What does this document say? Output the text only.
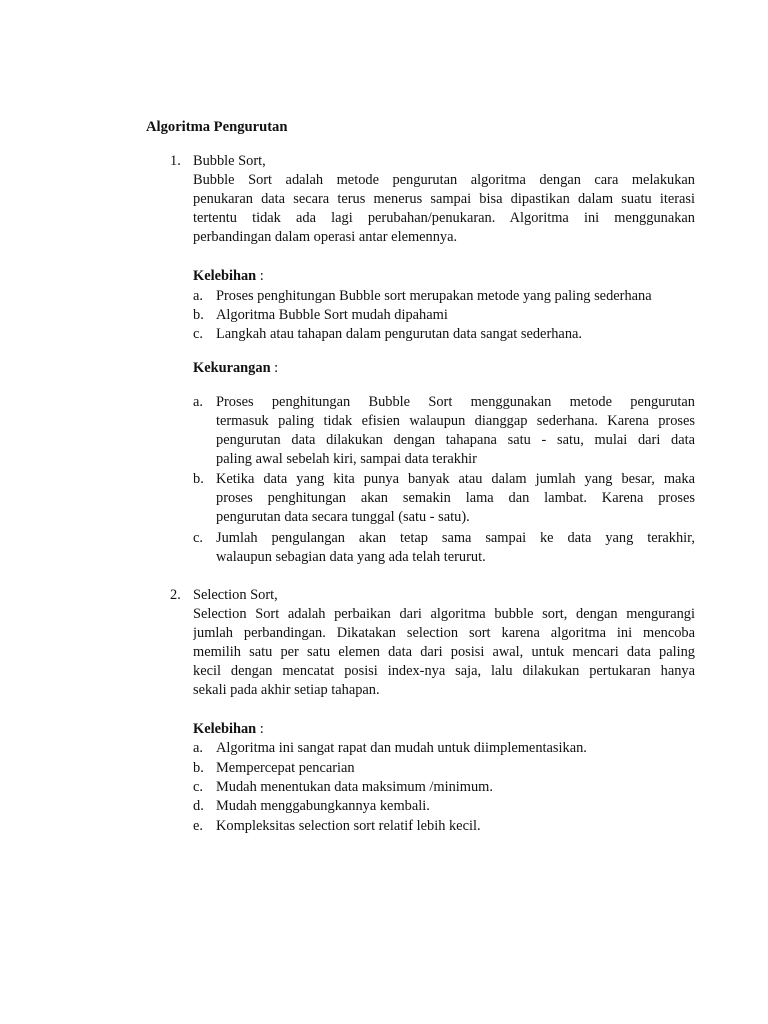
Algoritma Pengurutan
1. Bubble Sort,
Bubble Sort adalah metode pengurutan algoritma dengan cara melakukan
penukaran data secara terus menerus sampai bisa dipastikan dalam suatu iterasi
tertentu tidak ada lagi perubahan/penukaran. Algoritma ini menggunakan
perbandingan dalam operasi antar elemennya.
Kelebihan :
a. Proses penghitungan Bubble sort merupakan metode yang paling sederhana
b. Algoritma Bubble Sort mudah dipahami
c. Langkah atau tahapan dalam pengurutan data sangat sederhana.
Kekurangan :
a. Proses penghitungan Bubble Sort menggunakan metode pengurutan
termasuk paling tidak efisien walaupun dianggap sederhana. Karena proses
pengurutan data dilakukan dengan tahapana satu - satu, mulai dari data
paling awal sebelah kiri, sampai data terakhir
b. Ketika data yang kita punya banyak atau dalam jumlah yang besar, maka
proses penghitungan akan semakin lama dan lambat. Karena proses
pengurutan data secara tunggal (satu - satu).
c. Jumlah pengulangan akan tetap sama sampai ke data yang terakhir,
walaupun sebagian data yang ada telah terurut.
2. Selection Sort,
Selection Sort adalah perbaikan dari algoritma bubble sort, dengan mengurangi
jumlah perbandingan. Dikatakan selection sort karena algoritma ini mencoba
memilih satu per satu elemen data dari posisi awal, untuk mencari data paling
kecil dengan mencatat posisi index-nya saja, lalu dilakukan pertukaran hanya
sekali pada akhir setiap tahapan.
Kelebihan :
a. Algoritma ini sangat rapat dan mudah untuk diimplementasikan.
b. Mempercepat pencarian
c. Mudah menentukan data maksimum /minimum.
d. Mudah menggabungkannya kembali.
e. Kompleksitas selection sort relatif lebih kecil.
